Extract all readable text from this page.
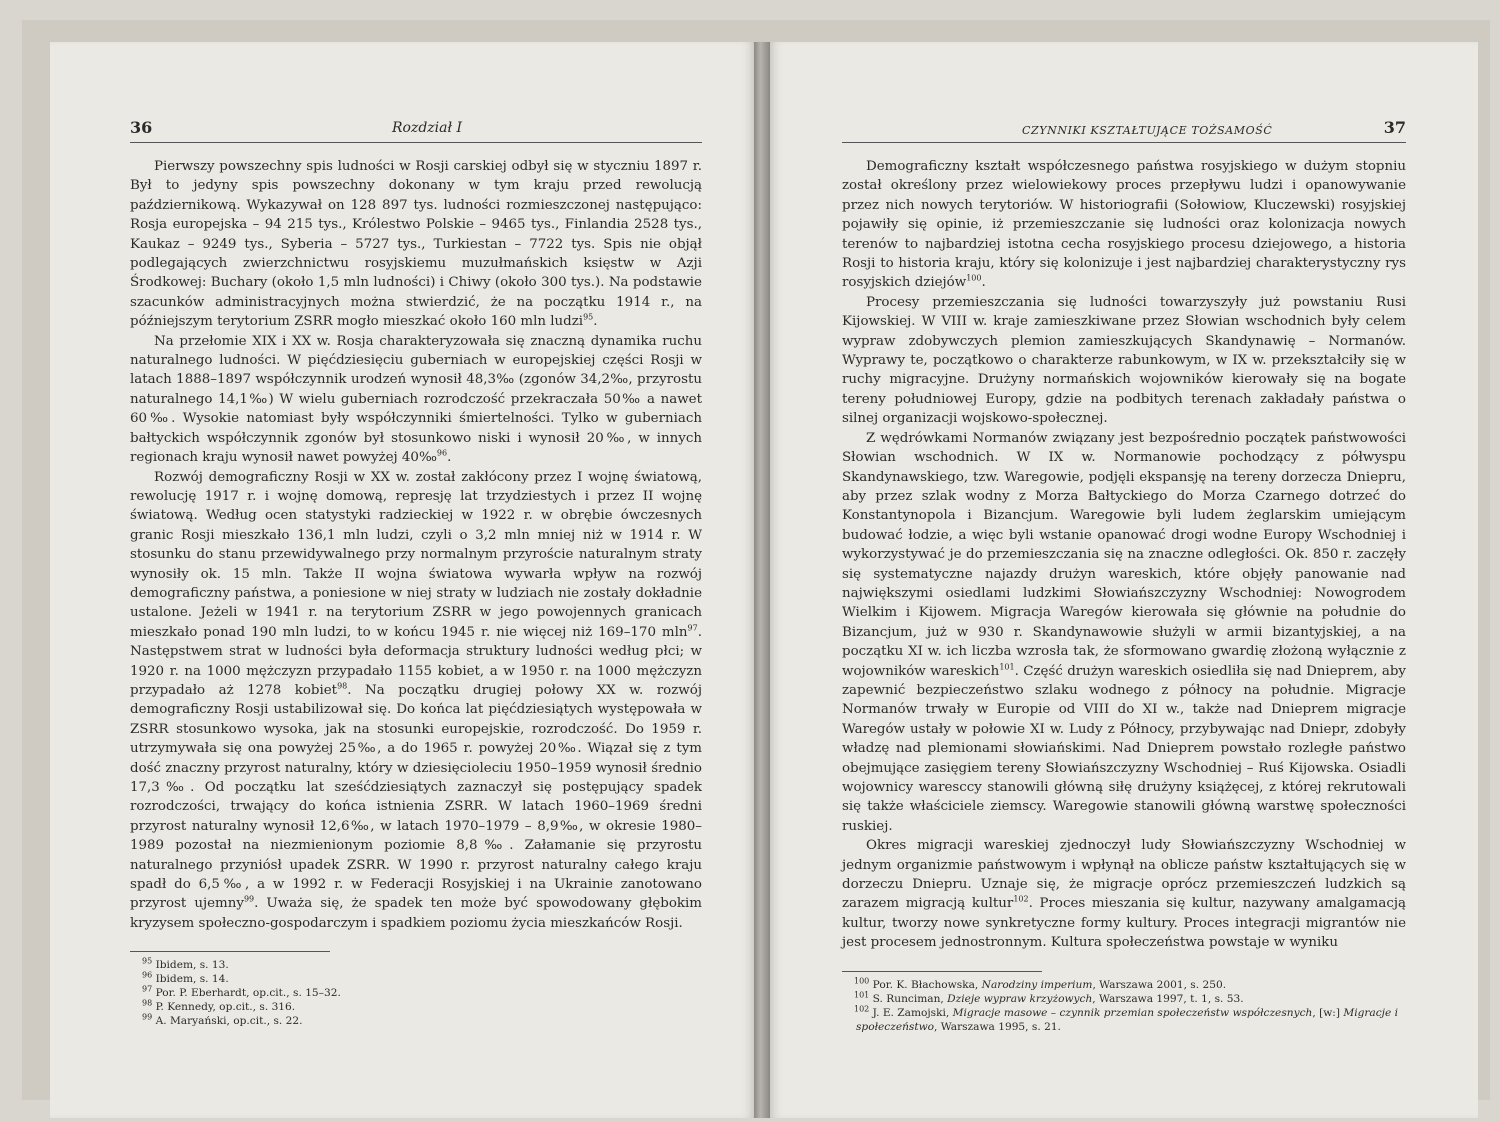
36	Rozdział I

Pierwszy powszechny spis ludności w Rosji carskiej odbył się w styczniu 1897 r. Był to jedyny spis powszechny dokonany w tym kraju przed rewolucją październikową. Wykazywał on 128 897 tys. ludności rozmieszczonej następująco: Rosja europejska – 94 215 tys., Królestwo Polskie – 9465 tys., Finlandia 2528 tys., Kaukaz – 9249 tys., Syberia – 5727 tys., Turkiestan – 7722 tys. Spis nie objął podlegających zwierzchnictwu rosyjskiemu muzułmańskich księstw w Azji Środkowej: Buchary (około 1,5 mln ludności) i Chiwy (około 300 tys.). Na podstawie szacunków administracyjnych można stwierdzić, że na początku 1914 r., na późniejszym terytorium ZSRR mogło mieszkać około 160 mln ludzi$^{95}$.

Na przełomie XIX i XX w. Rosja charakteryzowała się znaczną dynamika ruchu naturalnego ludności. W pięćdziesięciu guberniach w europejskiej części Rosji w latach 1888–1897 współczynnik urodzeń wynosił 48,3‰ (zgonów 34,2‰, przyrostu naturalnego 14,1‰) W wielu guberniach rozrodczość przekraczała 50‰ a nawet 60‰. Wysokie natomiast były współczynniki śmiertelności. Tylko w guberniach bałtyckich współczynnik zgonów był stosunkowo niski i wynosił 20‰, w innych regionach kraju wynosił nawet powyżej 40‰$^{96}$.

Rozwój demograficzny Rosji w XX w. został zakłócony przez I wojnę światową, rewolucję 1917 r. i wojnę domową, represję lat trzydziestych i przez II wojnę światową. Według ocen statystyki radzieckiej w 1922 r. w obrębie ówczesnych granic Rosji mieszkało 136,1 mln ludzi, czyli o 3,2 mln mniej niż w 1914 r. W stosunku do stanu przewidywalnego przy normalnym przyroście naturalnym straty wynosiły ok. 15 mln. Także II wojna światowa wywarła wpływ na rozwój demograficzny państwa, a poniesione w niej straty w ludziach nie zostały dokładnie ustalone. Jeżeli w 1941 r. na terytorium ZSRR w jego powojennych granicach mieszkało ponad 190 mln ludzi, to w końcu 1945 r. nie więcej niż 169–170 mln$^{97}$. Następstwem strat w ludności była deformacja struktury ludności według płci; w 1920 r. na 1000 mężczyzn przypadało 1155 kobiet, a w 1950 r. na 1000 mężczyzn przypadało aż 1278 kobiet$^{98}$. Na początku drugiej połowy XX w. rozwój demograficzny Rosji ustabilizował się. Do końca lat pięćdziesiątych występowała w ZSRR stosunkowo wysoka, jak na stosunki europejskie, rozrodczość. Do 1959 r. utrzymywała się ona powyżej 25‰, a do 1965 r. powyżej 20‰. Wiązał się z tym dość znaczny przyrost naturalny, który w dziesięcioleciu 1950–1959 wynosił średnio 17,3‰. Od początku lat sześćdziesiątych zaznaczył się postępujący spadek rozrodczości, trwający do końca istnienia ZSRR. W latach 1960–1969 średni przyrost naturalny wynosił 12,6‰, w latach 1970–1979 – 8,9‰, w okresie 1980–1989 pozostał na niezmienionym poziomie 8,8‰. Załamanie się przyrostu naturalnego przyniósł upadek ZSRR. W 1990 r. przyrost naturalny całego kraju spadł do 6,5‰, a w 1992 r. w Federacji Rosyjskiej i na Ukrainie zanotowano przyrost ujemny$^{99}$. Uważa się, że spadek ten może być spowodowany głębokim kryzysem społeczno-gospodarczym i spadkiem poziomu życia mieszkańców Rosji.

$^{95}$ Ibidem, s. 13.

$^{96}$ Ibidem, s. 14.

$^{97}$ Por. P. Eberhardt, op.cit., s. 15–32.

$^{98}$ P. Kennedy, op.cit., s. 316.

$^{99}$ A. Maryański, op.cit., s. 22.

CZYNNIKI KSZTAŁTUJĄCE TOŻSAMOŚĆ	37

Demograficzny kształt współczesnego państwa rosyjskiego w dużym stopniu został określony przez wielowiekowy proces przepływu ludzi i opanowywanie przez nich nowych terytoriów. W historiografii (Sołowiow, Kluczewski) rosyjskiej pojawiły się opinie, iż przemieszczanie się ludności oraz kolonizacja nowych terenów to najbardziej istotna cecha rosyjskiego procesu dziejowego, a historia Rosji to historia kraju, który się kolonizuje i jest najbardziej charakterystyczny rys rosyjskich dziejów$^{100}$.

Procesy przemieszczania się ludności towarzyszyły już powstaniu Rusi Kijowskiej. W VIII w. kraje zamieszkiwane przez Słowian wschodnich były celem wypraw zdobywczych plemion zamieszkujących Skandynawię – Normanów. Wyprawy te, początkowo o charakterze rabunkowym, w IX w. przekształciły się w ruchy migracyjne. Drużyny normańskich wojowników kierowały się na bogate tereny południowej Europy, gdzie na podbitych terenach zakładały państwa o silnej organizacji wojskowo-społecznej.

Z wędrówkami Normanów związany jest bezpośrednio początek państwowości Słowian wschodnich. W IX w. Normanowie pochodzący z półwyspu Skandynawskiego, tzw. Waregowie, podjęli ekspansję na tereny dorzecza Dniepru, aby przez szlak wodny z Morza Bałtyckiego do Morza Czarnego dotrzeć do Konstantynopola i Bizancjum. Waregowie byli ludem żeglarskim umiejącym budować łodzie, a więc byli wstanie opanować drogi wodne Europy Wschodniej i wykorzystywać je do przemieszczania się na znaczne odległości. Ok. 850 r. zaczęły się systematyczne najazdy drużyn wareskich, które objęły panowanie nad największymi osiedlami ludzkimi Słowiańszczyzny Wschodniej: Nowogrodem Wielkim i Kijowem. Migracja Waregów kierowała się głównie na południe do Bizancjum, już w 930 r. Skandynawowie służyli w armii bizantyjskiej, a na początku XI w. ich liczba wzrosła tak, że sformowano gwardię złożoną wyłącznie z wojowników wareskich$^{101}$. Część drużyn wareskich osiedliła się nad Dnieprem, aby zapewnić bezpieczeństwo szlaku wodnego z północy na południe. Migracje Normanów trwały w Europie od VIII do XI w., także nad Dnieprem migracje Waregów ustały w połowie XI w. Ludy z Północy, przybywając nad Dniepr, zdobyły władzę nad plemionami słowiańskimi. Nad Dnieprem powstało rozległe państwo obejmujące zasięgiem tereny Słowiańszczyzny Wschodniej – Ruś Kijowska. Osiadli wojownicy waresccy stanowili główną siłę drużyny książęcej, z której rekrutowali się także właściciele ziemscy. Waregowie stanowili główną warstwę społeczności ruskiej.

Okres migracji wareskiej zjednoczył ludy Słowiańszczyzny Wschodniej w jednym organizmie państwowym i wpłynął na oblicze państw kształtujących się w dorzeczu Dniepru. Uznaje się, że migracje oprócz przemieszczeń ludzkich są zarazem migracją kultur$^{102}$. Proces mieszania się kultur, nazywany amalgamacją kultur, tworzy nowe synkretyczne formy kultury. Proces integracji migrantów nie jest procesem jednostronnym. Kultura społeczeństwa powstaje w wyniku

$^{100}$ Por. K. Błachowska, Narodziny imperium, Warszawa 2001, s. 250.

$^{101}$ S. Runciman, Dzieje wypraw krzyżowych, Warszawa 1997, t. 1, s. 53.

$^{102}$ J. E. Zamojski, Migracje masowe – czynnik przemian społeczeństw współczesnych, [w:] Migracje i społeczeństwo, Warszawa 1995, s. 21.
